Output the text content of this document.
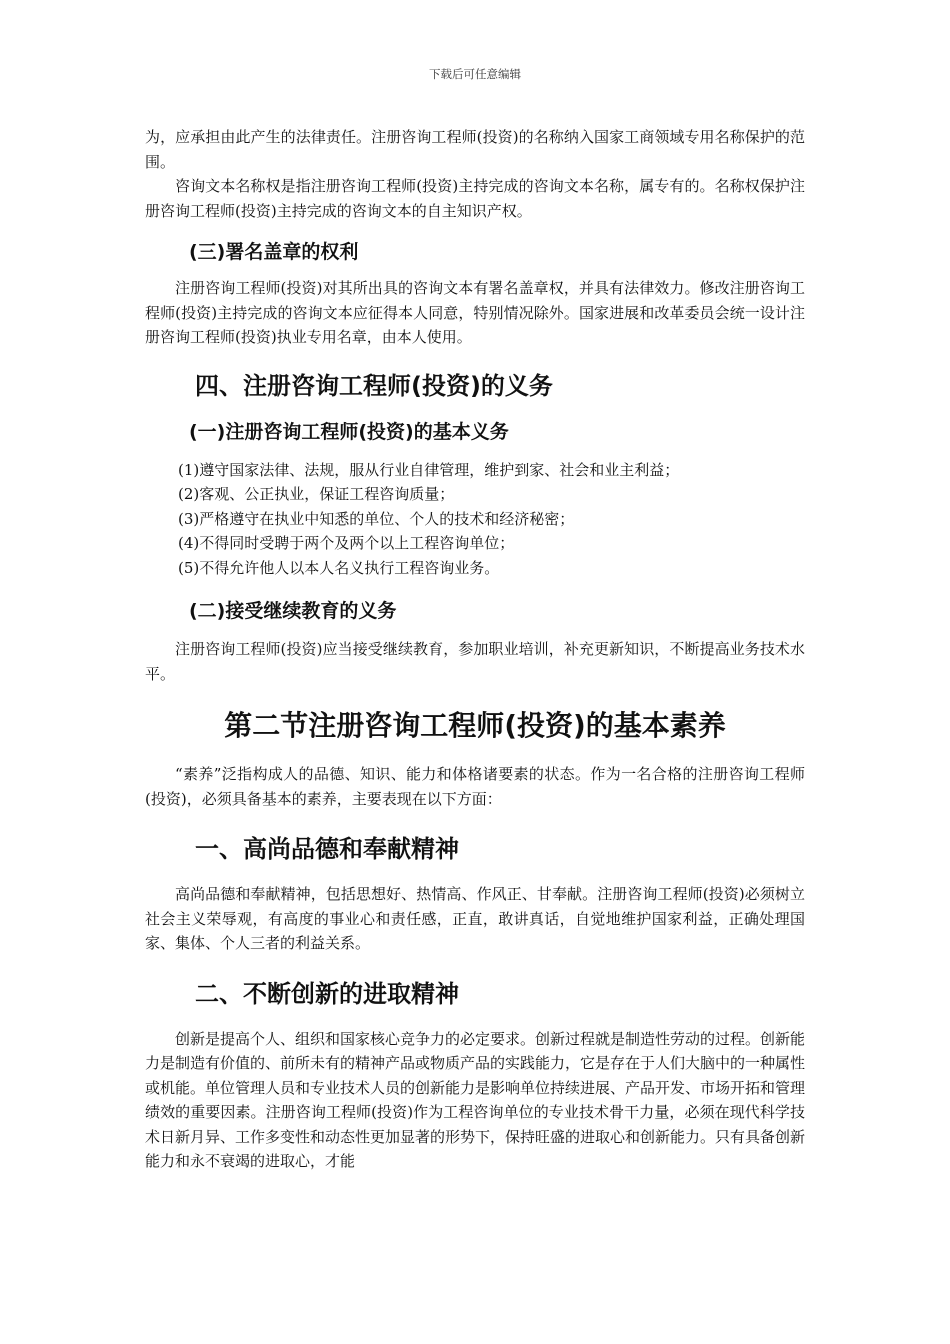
下载后可任意编辑

为，应承担由此产生的法律责任。注册咨询工程师(投资)的名称纳入国家工商领域专用名称保护的范围。

咨询文本名称权是指注册咨询工程师(投资)主持完成的咨询文本名称，属专有的。名称权保护注册咨询工程师(投资)主持完成的咨询文本的自主知识产权。

(三)署名盖章的权利

注册咨询工程师(投资)对其所出具的咨询文本有署名盖章权，并具有法律效力。修改注册咨询工程师(投资)主持完成的咨询文本应征得本人同意，特别情况除外。国家进展和改革委员会统一设计注册咨询工程师(投资)执业专用名章，由本人使用。

四、注册咨询工程师(投资)的义务
(一)注册咨询工程师(投资)的基本义务

(1)遵守国家法律、法规，服从行业自律管理，维护到家、社会和业主利益；

(2)客观、公正执业，保证工程咨询质量；

(3)严格遵守在执业中知悉的单位、个人的技术和经济秘密；

(4)不得同时受聘于两个及两个以上工程咨询单位；

(5)不得允许他人以本人名义执行工程咨询业务。

(二)接受继续教育的义务

注册咨询工程师(投资)应当接受继续教育，参加职业培训，补充更新知识，不断提高业务技术水平。

第二节注册咨询工程师(投资)的基本素养

“素养”泛指构成人的品德、知识、能力和体格诸要素的状态。作为一名合格的注册咨询工程师(投资)，必须具备基本的素养，主要表现在以下方面：

一、高尚品德和奉献精神

高尚品德和奉献精神，包括思想好、热情高、作风正、甘奉献。注册咨询工程师(投资)必须树立社会主义荣辱观，有高度的事业心和责任感，正直，敢讲真话，自觉地维护国家利益，正确处理国家、集体、个人三者的利益关系。

二、不断创新的进取精神

创新是提高个人、组织和国家核心竞争力的必定要求。创新过程就是制造性劳动的过程。创新能力是制造有价值的、前所未有的精神产品或物质产品的实践能力，它是存在于人们大脑中的一种属性或机能。单位管理人员和专业技术人员的创新能力是影响单位持续进展、产品开发、市场开拓和管理绩效的重要因素。注册咨询工程师(投资)作为工程咨询单位的专业技术骨干力量，必须在现代科学技术日新月异、工作多变性和动态性更加显著的形势下，保持旺盛的进取心和创新能力。只有具备创新能力和永不衰竭的进取心，才能
